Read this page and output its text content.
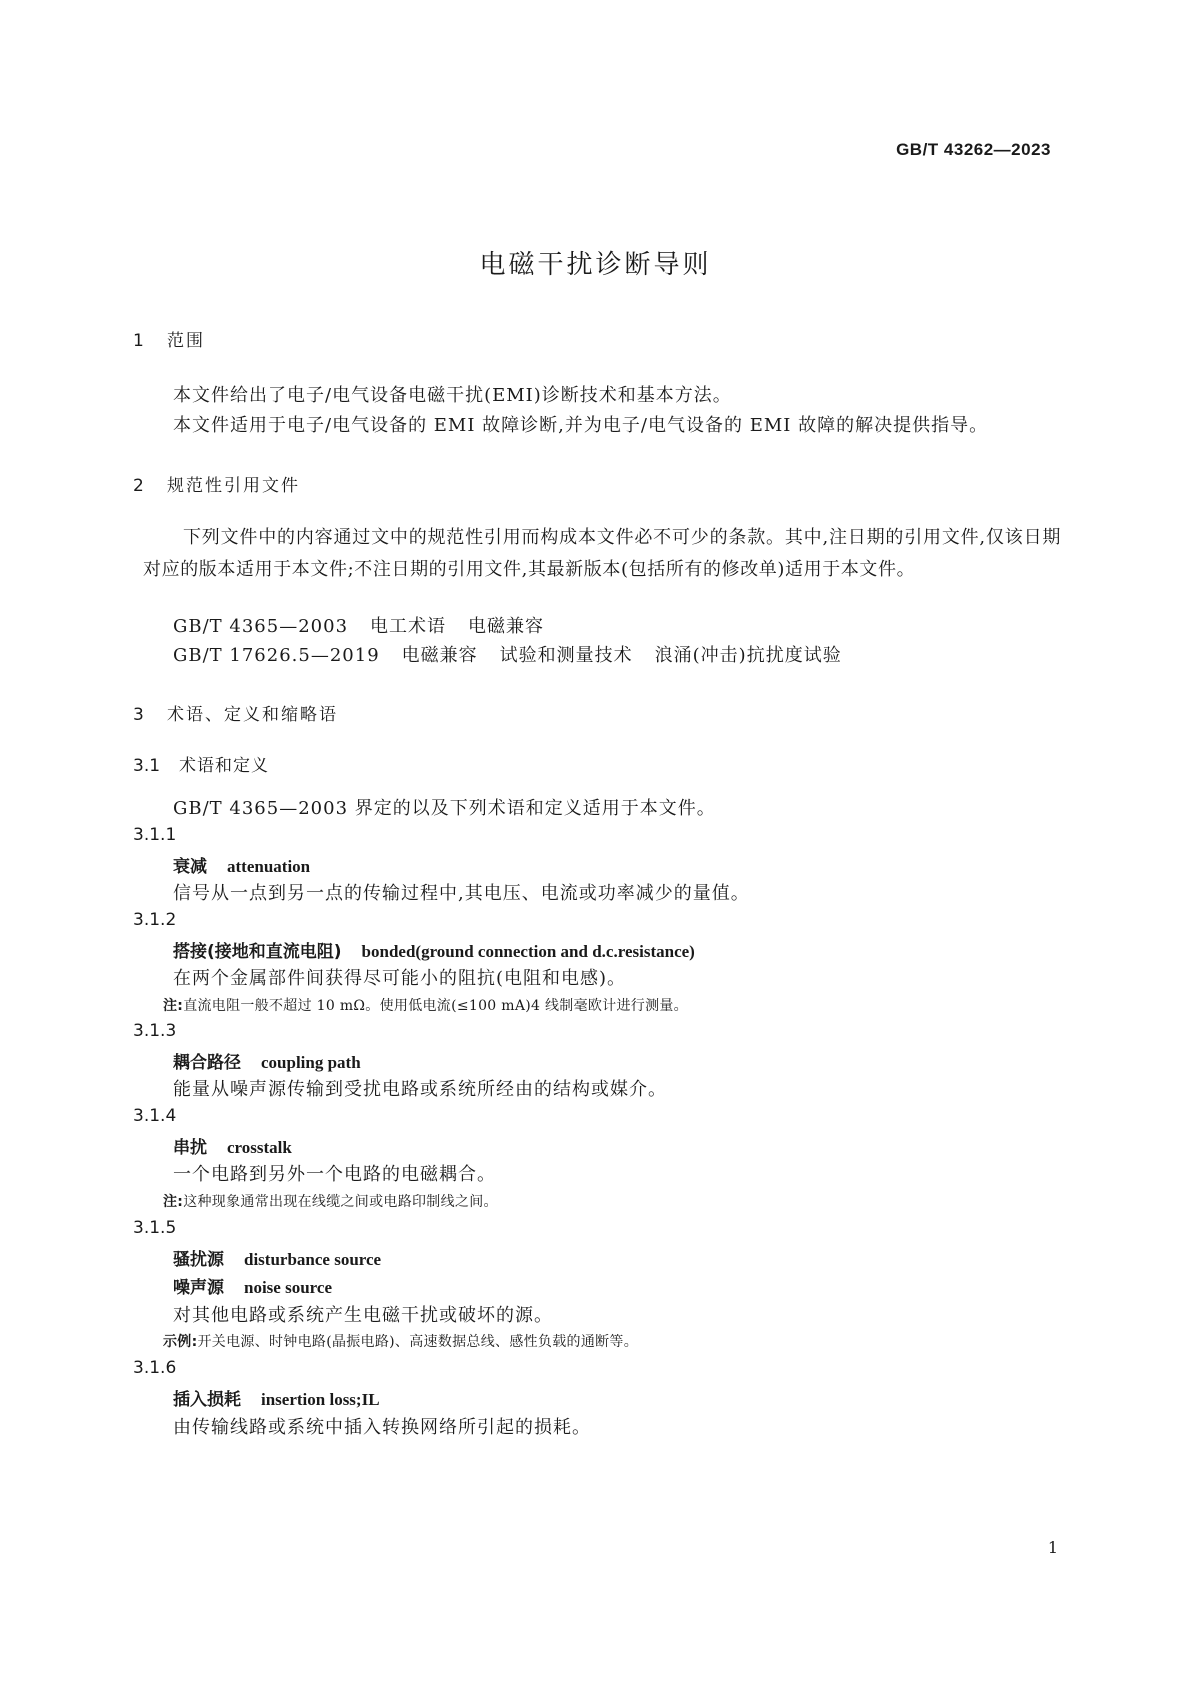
GB/T 43262—2023
电磁干扰诊断导则
1 范围
本文件给出了电子/电气设备电磁干扰(EMI)诊断技术和基本方法。
本文件适用于电子/电气设备的 EMI 故障诊断,并为电子/电气设备的 EMI 故障的解决提供指导。
2 规范性引用文件
下列文件中的内容通过文中的规范性引用而构成本文件必不可少的条款。其中,注日期的引用文件,仅该日期对应的版本适用于本文件;不注日期的引用文件,其最新版本(包括所有的修改单)适用于本文件。
GB/T 4365—2003 电工术语 电磁兼容
GB/T 17626.5—2019 电磁兼容 试验和测量技术 浪涌(冲击)抗扰度试验
3 术语、定义和缩略语
3.1 术语和定义
GB/T 4365—2003 界定的以及下列术语和定义适用于本文件。
3.1.1
衰减 attenuation
信号从一点到另一点的传输过程中,其电压、电流或功率减少的量值。
3.1.2
搭接(接地和直流电阻) bonded(ground connection and d.c.resistance)
在两个金属部件间获得尽可能小的阻抗(电阻和电感)。
注:直流电阻一般不超过 10 mΩ。使用低电流(≤100 mA)4 线制毫欧计进行测量。
3.1.3
耦合路径 coupling path
能量从噪声源传输到受扰电路或系统所经由的结构或媒介。
3.1.4
串扰 crosstalk
一个电路到另外一个电路的电磁耦合。
注:这种现象通常出现在线缆之间或电路印制线之间。
3.1.5
骚扰源 disturbance source
噪声源 noise source
对其他电路或系统产生电磁干扰或破坏的源。
示例:开关电源、时钟电路(晶振电路)、高速数据总线、感性负载的通断等。
3.1.6
插入损耗 insertion loss;IL
由传输线路或系统中插入转换网络所引起的损耗。
1
